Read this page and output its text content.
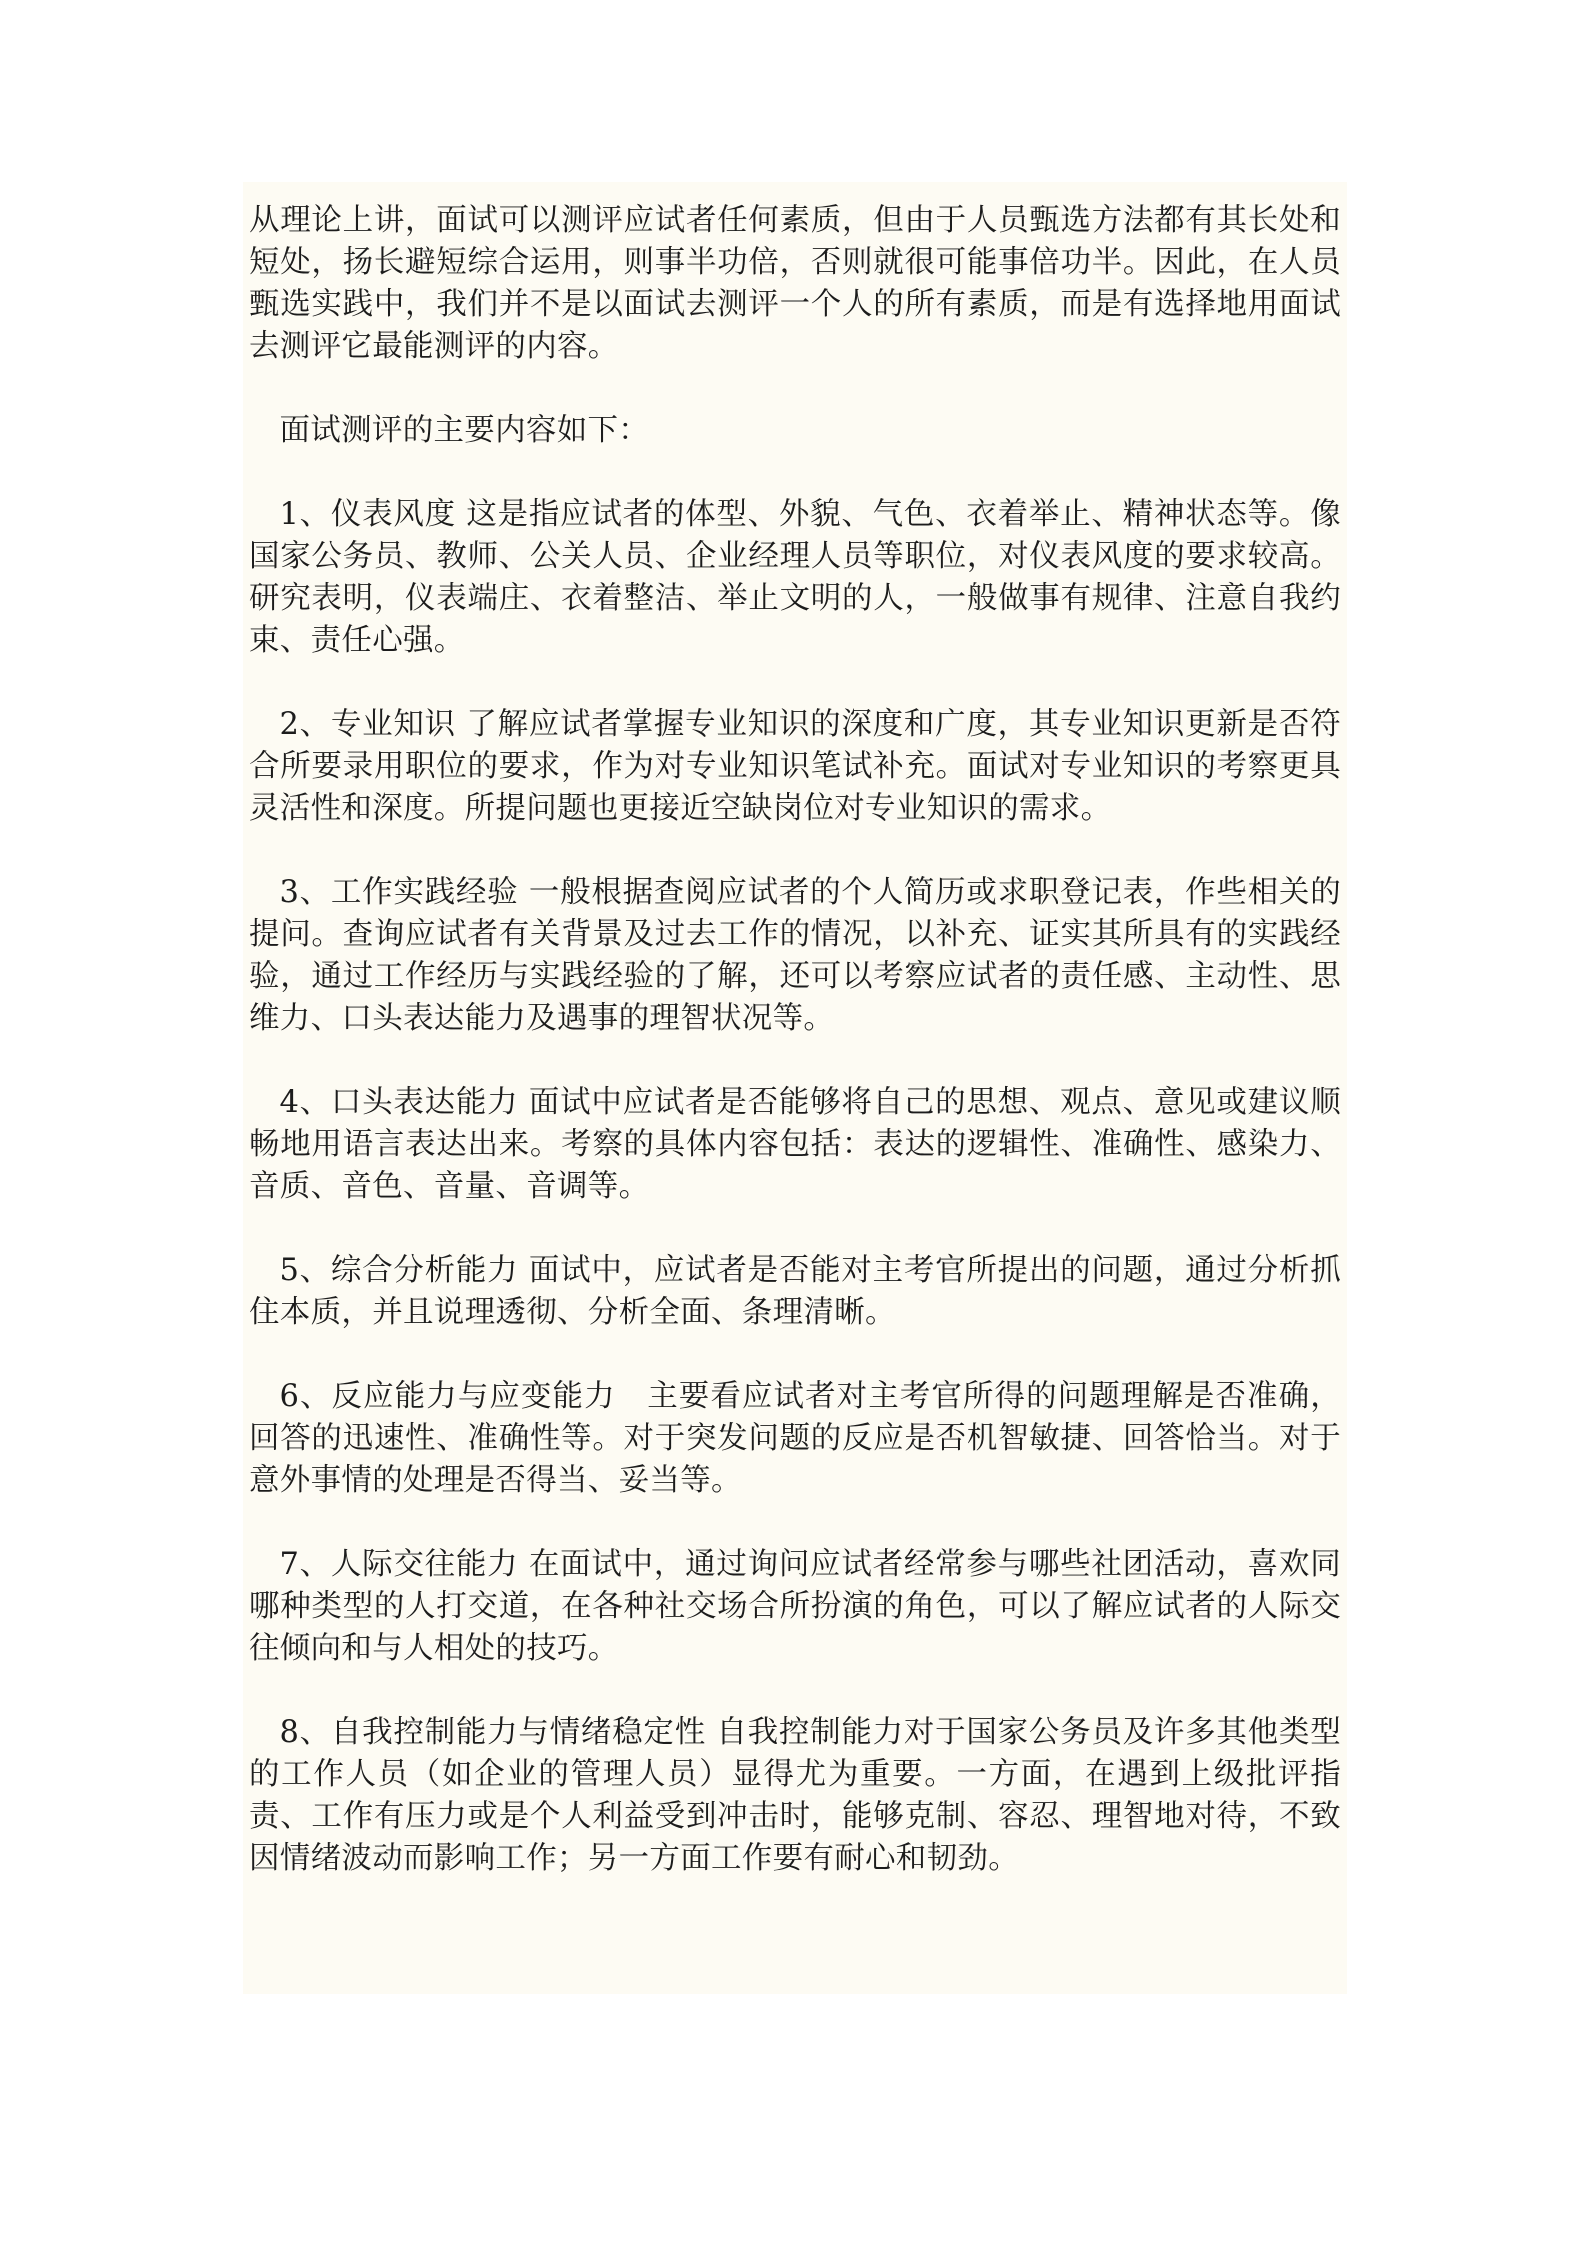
从理论上讲，面试可以测评应试者任何素质，但由于人员甄选方法都有其长处和短处，扬长避短综合运用，则事半功倍，否则就很可能事倍功半。因此，在人员甄选实践中，我们并不是以面试去测评一个人的所有素质，而是有选择地用面试去测评它最能测评的内容。

面试测评的主要内容如下：

1、仪表风度 这是指应试者的体型、外貌、气色、衣着举止、精神状态等。像国家公务员、教师、公关人员、企业经理人员等职位，对仪表风度的要求较高。研究表明，仪表端庄、衣着整洁、举止文明的人，一般做事有规律、注意自我约束、责任心强。

2、专业知识 了解应试者掌握专业知识的深度和广度，其专业知识更新是否符合所要录用职位的要求，作为对专业知识笔试补充。面试对专业知识的考察更具灵活性和深度。所提问题也更接近空缺岗位对专业知识的需求。

3、工作实践经验 一般根据查阅应试者的个人简历或求职登记表，作些相关的提问。查询应试者有关背景及过去工作的情况，以补充、证实其所具有的实践经验，通过工作经历与实践经验的了解，还可以考察应试者的责任感、主动性、思维力、口头表达能力及遇事的理智状况等。

4、口头表达能力 面试中应试者是否能够将自己的思想、观点、意见或建议顺畅地用语言表达出来。考察的具体内容包括：表达的逻辑性、准确性、感染力、音质、音色、音量、音调等。

5、综合分析能力 面试中，应试者是否能对主考官所提出的问题，通过分析抓住本质，并且说理透彻、分析全面、条理清晰。

6、反应能力与应变能力　主要看应试者对主考官所得的问题理解是否准确，回答的迅速性、准确性等。对于突发问题的反应是否机智敏捷、回答恰当。对于意外事情的处理是否得当、妥当等。

7、人际交往能力 在面试中，通过询问应试者经常参与哪些社团活动，喜欢同哪种类型的人打交道，在各种社交场合所扮演的角色，可以了解应试者的人际交往倾向和与人相处的技巧。

8、自我控制能力与情绪稳定性 自我控制能力对于国家公务员及许多其他类型的工作人员（如企业的管理人员）显得尤为重要。一方面，在遇到上级批评指责、工作有压力或是个人利益受到冲击时，能够克制、容忍、理智地对待，不致因情绪波动而影响工作；另一方面工作要有耐心和韧劲。
